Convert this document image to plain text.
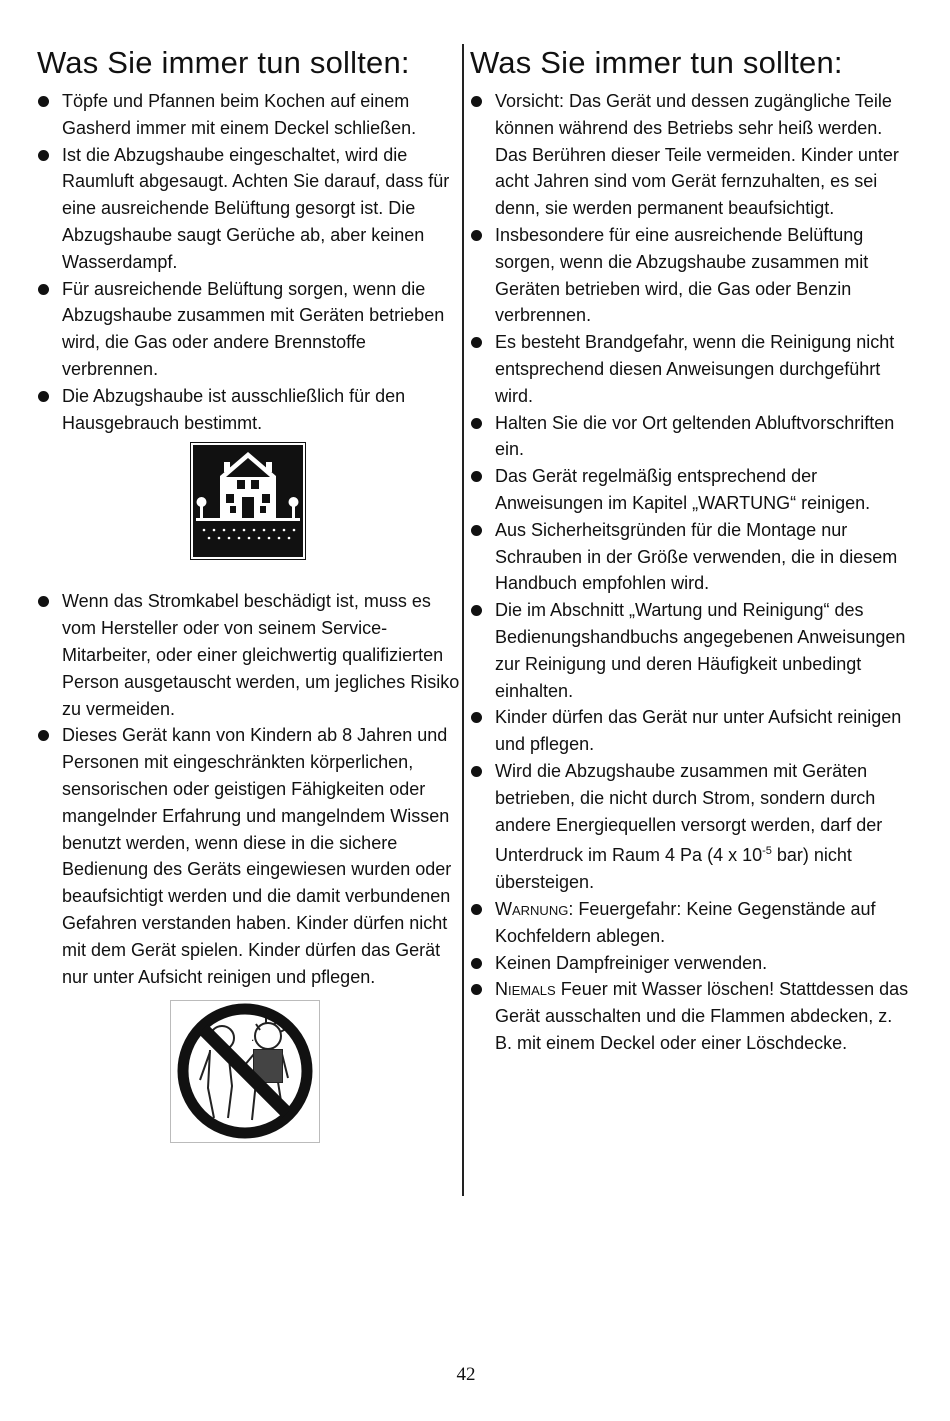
Was Sie immer tun sollten:
Töpfe und Pfannen beim Kochen auf einem Gasherd immer mit einem Deckel schließen.
Ist die Abzugshaube eingeschaltet, wird die Raumluft abgesaugt. Achten Sie darauf, dass für eine ausreichende Belüftung gesorgt ist. Die Abzugshaube saugt Gerüche ab, aber keinen Wasserdampf.
Für ausreichende Belüftung sorgen, wenn die Abzugshaube zusammen mit Geräten betrieben wird, die Gas oder andere Brennstoffe verbrennen.
Die Abzugshaube ist ausschließlich für den Hausgebrauch bestimmt.
Wenn das Stromkabel beschädigt ist, muss es vom Hersteller oder von seinem Service-Mitarbeiter, oder einer gleichwertig qualifizierten Person ausgetauscht werden, um jegliches Risiko zu vermeiden.
Dieses Gerät kann von Kindern ab 8 Jahren und Personen mit eingeschränkten körperlichen, sensorischen oder geistigen Fähigkeiten oder mangelnder Erfahrung und mangelndem Wissen benutzt werden, wenn diese in die sichere Bedienung des Geräts eingewiesen wurden oder beaufsichtigt werden und die damit verbundenen Gefahren verstanden haben. Kinder dürfen nicht mit dem Gerät spielen. Kinder dürfen das Gerät nur unter Aufsicht reinigen und pflegen.
.
Was Sie immer tun sollten:
Vorsicht: Das Gerät und dessen zugängliche Teile können während des Betriebs sehr heiß werden. Das Berühren dieser Teile vermeiden. Kinder unter acht Jahren sind vom Gerät fernzuhalten, es sei denn, sie werden permanent beaufsichtigt.
Insbesondere für eine ausreichende Belüftung sorgen, wenn die Abzugshaube zusammen mit Geräten betrieben wird, die Gas oder Benzin verbrennen.
Es besteht Brandgefahr, wenn die Reinigung nicht entsprechend diesen Anweisungen durchgeführt wird.
Halten Sie die vor Ort geltenden Abluftvorschriften ein.
Das Gerät regelmäßig entsprechend der Anweisungen im Kapitel „WARTUNG“ reinigen.
Aus Sicherheitsgründen für die Montage nur Schrauben in der Größe verwenden, die in diesem Handbuch empfohlen wird.
Die im Abschnitt „Wartung und Reinigung“ des Bedienungshandbuchs angegebenen Anweisungen zur Reinigung und deren Häufigkeit unbedingt einhalten.
Kinder dürfen das Gerät nur unter Aufsicht reinigen und pflegen.
Wird die Abzugshaube zusammen mit Geräten betrieben, die nicht durch Strom, sondern durch andere Energiequellen versorgt werden, darf der Unterdruck im Raum 4 Pa (4 x $10^{-5}$ bar) nicht übersteigen.
Warnung: Feuergefahr: Keine Gegenstände auf Kochfeldern ablegen.
Keinen Dampfreiniger verwenden.
Niemals Feuer mit Wasser löschen! Stattdessen das Gerät ausschalten und die Flammen abdecken, z. B. mit einem Deckel oder einer Löschdecke.
42
